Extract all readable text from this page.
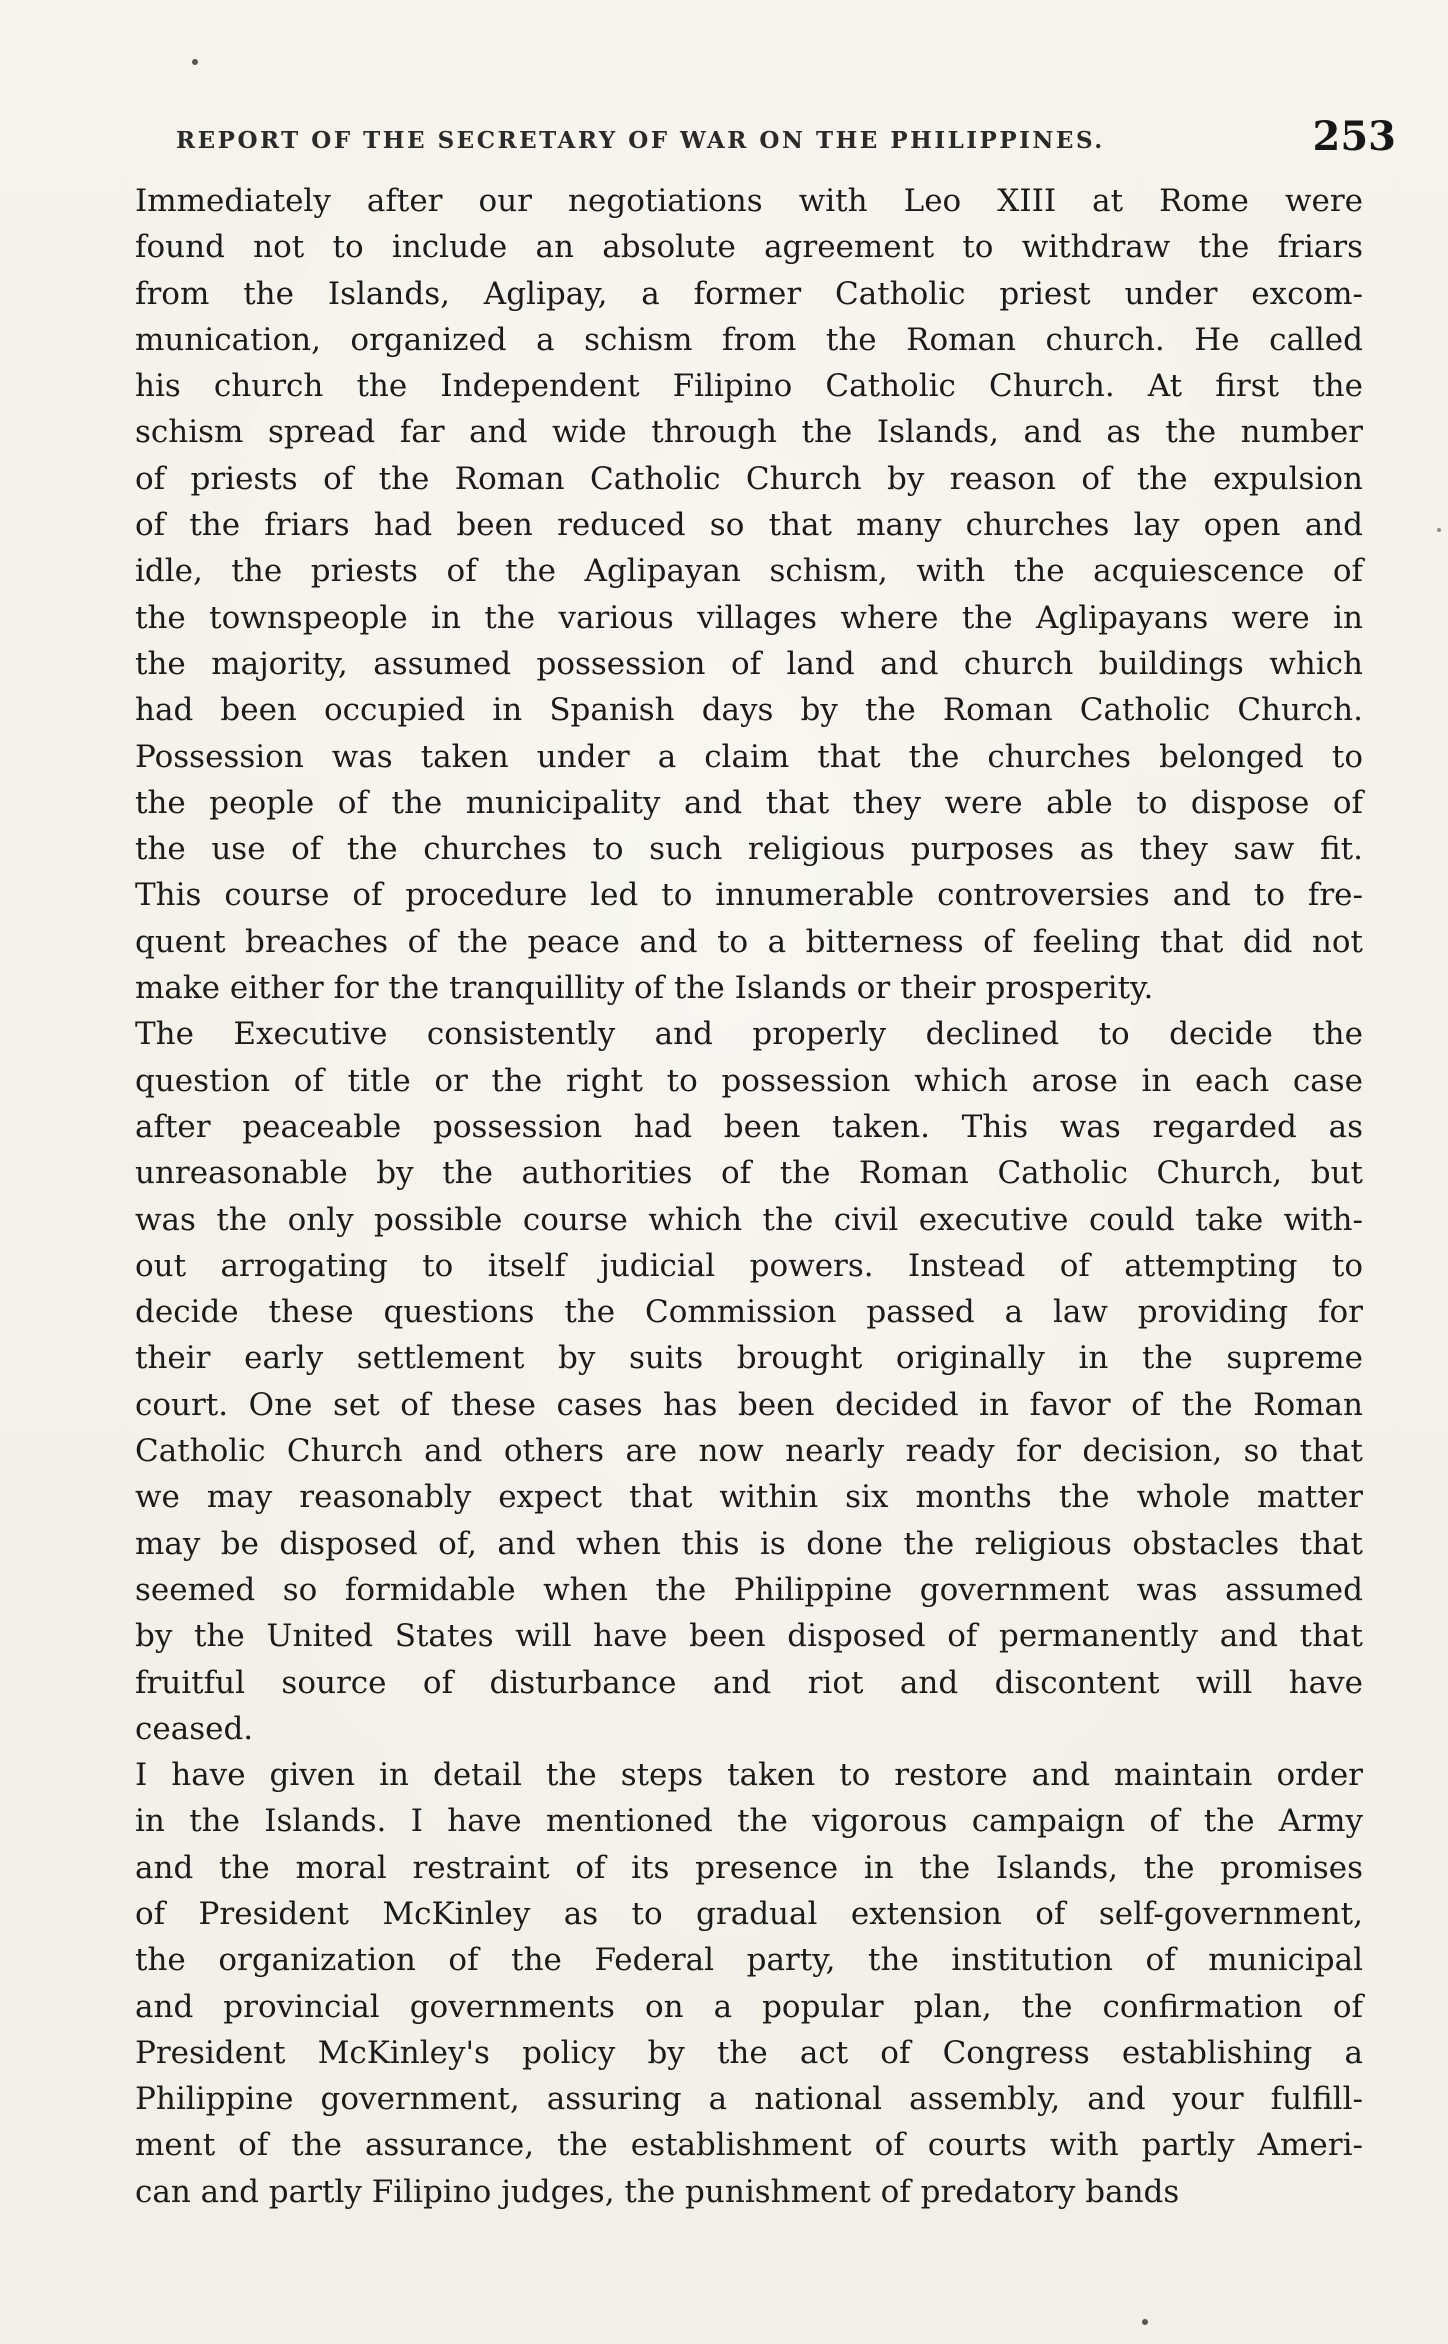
REPORT OF THE SECRETARY OF WAR ON THE PHILIPPINES.	253

Immediately after our negotiations with Leo XIII at Rome were
found not to include an absolute agreement to withdraw the friars
from the Islands, Aglipay, a former Catholic priest under excom-
munication, organized a schism from the Roman church. He called
his church the Independent Filipino Catholic Church. At first the
schism spread far and wide through the Islands, and as the number
of priests of the Roman Catholic Church by reason of the expulsion
of the friars had been reduced so that many churches lay open and
idle, the priests of the Aglipayan schism, with the acquiescence of
the townspeople in the various villages where the Aglipayans were in
the majority, assumed possession of land and church buildings which
had been occupied in Spanish days by the Roman Catholic Church.
Possession was taken under a claim that the churches belonged to
the people of the municipality and that they were able to dispose of
the use of the churches to such religious purposes as they saw fit.
This course of procedure led to innumerable controversies and to fre-
quent breaches of the peace and to a bitterness of feeling that did not
make either for the tranquillity of the Islands or their prosperity.

The Executive consistently and properly declined to decide the
question of title or the right to possession which arose in each case
after peaceable possession had been taken. This was regarded as
unreasonable by the authorities of the Roman Catholic Church, but
was the only possible course which the civil executive could take with-
out arrogating to itself judicial powers. Instead of attempting to
decide these questions the Commission passed a law providing for
their early settlement by suits brought originally in the supreme
court. One set of these cases has been decided in favor of the Roman
Catholic Church and others are now nearly ready for decision, so that
we may reasonably expect that within six months the whole matter
may be disposed of, and when this is done the religious obstacles that
seemed so formidable when the Philippine government was assumed
by the United States will have been disposed of permanently and that
fruitful source of disturbance and riot and discontent will have
ceased.

I have given in detail the steps taken to restore and maintain order
in the Islands. I have mentioned the vigorous campaign of the Army
and the moral restraint of its presence in the Islands, the promises
of President McKinley as to gradual extension of self-government,
the organization of the Federal party, the institution of municipal
and provincial governments on a popular plan, the confirmation of
President McKinley's policy by the act of Congress establishing a
Philippine government, assuring a national assembly, and your fulfill-
ment of the assurance, the establishment of courts with partly Ameri-
can and partly Filipino judges, the punishment of predatory bands
